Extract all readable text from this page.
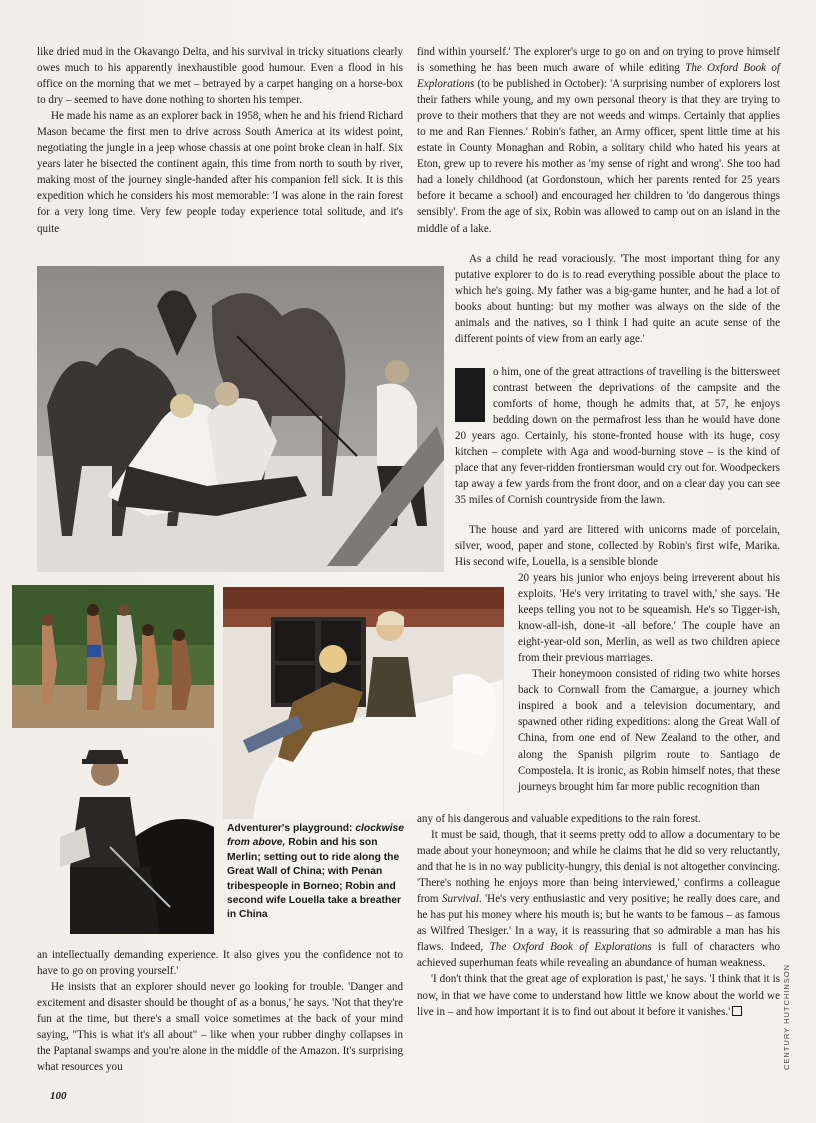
like dried mud in the Okavango Delta, and his survival in tricky situations clearly owes much to his apparently inexhaustible good humour. Even a flood in his office on the morning that we met – betrayed by a carpet hanging on a horse-box to dry – seemed to have done nothing to shorten his temper.

He made his name as an explorer back in 1958, when he and his friend Richard Mason became the first men to drive across South America at its widest point, negotiating the jungle in a jeep whose chassis at one point broke clean in half. Six years later he bisected the continent again, this time from north to south by river, making most of the journey single-handed after his companion fell sick. It is this expedition which he considers his most memorable: 'I was alone in the rain forest for a very long time. Very few people today experience total solitude, and it's quite

find within yourself.' The explorer's urge to go on and on trying to prove himself is something he has been much aware of while editing The Oxford Book of Explorations (to be published in October): 'A surprising number of explorers lost their fathers while young, and my own personal theory is that they are trying to prove to their mothers that they are not weeds and wimps. Certainly that applies to me and Ran Fiennes.' Robin's father, an Army officer, spent little time at his estate in County Monaghan and Robin, a solitary child who hated his years at Eton, grew up to revere his mother as 'my sense of right and wrong'. She too had had a lonely childhood (at Gordonstoun, which her parents rented for 25 years before it became a school) and encouraged her children to 'do dangerous things sensibly'. From the age of six, Robin was allowed to camp out on an island in the middle of a lake.

As a child he read voraciously. 'The most important thing for any putative explorer to do is to read everything possible about the place to which he's going. My father was a big-game hunter, and he had a lot of books about hunting: but my mother was always on the side of the animals and the natives, so I think I had quite an acute sense of the different points of view from an early age.'

o him, one of the great attractions of travelling is the bittersweet contrast between the deprivations of the campsite and the comforts of home, though he admits that, at 57, he enjoys bedding down on the permafrost less than he would have done 20 years ago. Certainly, his stone-fronted house with its huge, cosy kitchen – complete with Aga and wood-burning stove – is the kind of place that any fever-ridden frontiersman would cry out for. Woodpeckers tap away a few yards from the front door, and on a clear day you can see 35 miles of Cornish countryside from the lawn.

The house and yard are littered with unicorns made of porcelain, silver, wood, paper and stone, collected by Robin's first wife, Marika. His second wife, Louella, is a sensible blonde

20 years his junior who enjoys being irreverent about his exploits. 'He's very irritating to travel with,' she says. 'He keeps telling you not to be squeamish. He's so Tigger-ish, know-all-ish, done-it -all before.' The couple have an eight-year-old son, Merlin, as well as two children apiece from their previous marriages.

Their honeymoon consisted of riding two white horses back to Cornwall from the Camargue, a journey which inspired a book and a television documentary, and spawned other riding expeditions: along the Great Wall of China, from one end of New Zealand to the other, and along the Spanish pilgrim route to Santiago de Compostela. It is ironic, as Robin himself notes, that these journeys brought him far more public recognition than

Adventurer's playground: clockwise from above, Robin and his son Merlin; setting out to ride along the Great Wall of China; with Penan tribespeople in Borneo; Robin and second wife Louella take a breather in China

any of his dangerous and valuable expeditions to the rain forest.

It must be said, though, that it seems pretty odd to allow a documentary to be made about your honeymoon; and while he claims that he did so very reluctantly, and that he is in no way publicity-hungry, this denial is not altogether convincing. 'There's nothing he enjoys more than being interviewed,' confirms a colleague from Survival. 'He's very enthusiastic and very positive; he really does care, and he has put his money where his mouth is; but he wants to be famous – as famous as Wilfred Thesiger.' In a way, it is reassuring that so admirable a man has his flaws. Indeed, The Oxford Book of Explorations is full of characters who achieved superhuman feats while revealing an abundance of human weakness.

'I don't think that the great age of exploration is past,' he says. 'I think that it is now, in that we have come to understand how little we know about the world we live in – and how important it is to find out about it before it vanishes.'

an intellectually demanding experience. It also gives you the confidence not to have to go on proving yourself.'

He insists that an explorer should never go looking for trouble. 'Danger and excitement and disaster should be thought of as a bonus,' he says. 'Not that they're fun at the time, but there's a small voice sometimes at the back of your mind saying, "This is what it's all about" – like when your rubber dinghy collapses in the Paptanal swamps and you're alone in the middle of the Amazon. It's surprising what resources you

100
CENTURY HUTCHINSON
